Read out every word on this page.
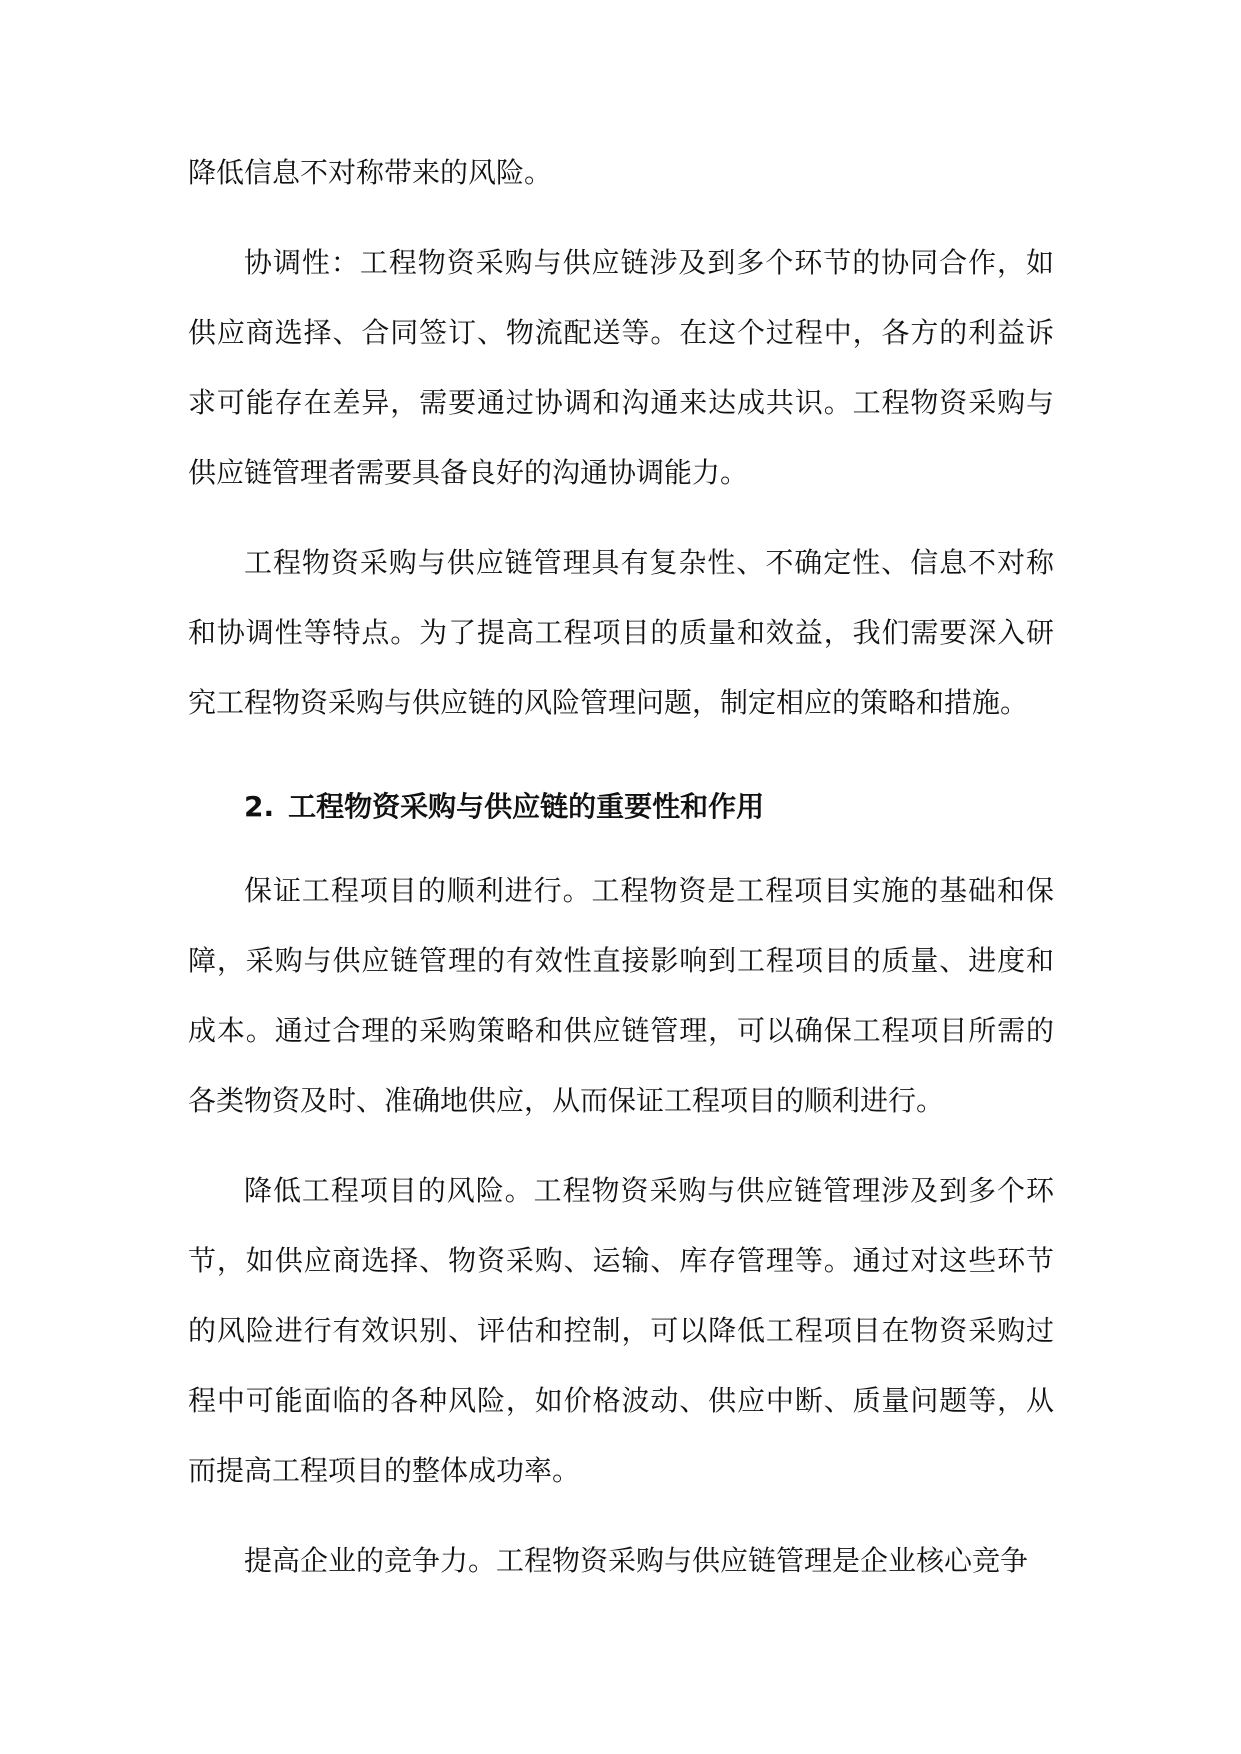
降低信息不对称带来的风险。

协调性：工程物资采购与供应链涉及到多个环节的协同合作，如供应商选择、合同签订、物流配送等。在这个过程中，各方的利益诉求可能存在差异，需要通过协调和沟通来达成共识。工程物资采购与供应链管理者需要具备良好的沟通协调能力。

工程物资采购与供应链管理具有复杂性、不确定性、信息不对称和协调性等特点。为了提高工程项目的质量和效益，我们需要深入研究工程物资采购与供应链的风险管理问题，制定相应的策略和措施。

2. 工程物资采购与供应链的重要性和作用

保证工程项目的顺利进行。工程物资是工程项目实施的基础和保障，采购与供应链管理的有效性直接影响到工程项目的质量、进度和成本。通过合理的采购策略和供应链管理，可以确保工程项目所需的各类物资及时、准确地供应，从而保证工程项目的顺利进行。

降低工程项目的风险。工程物资采购与供应链管理涉及到多个环节，如供应商选择、物资采购、运输、库存管理等。通过对这些环节的风险进行有效识别、评估和控制，可以降低工程项目在物资采购过程中可能面临的各种风险，如价格波动、供应中断、质量问题等，从而提高工程项目的整体成功率。

提高企业的竞争力。工程物资采购与供应链管理是企业核心竞争
